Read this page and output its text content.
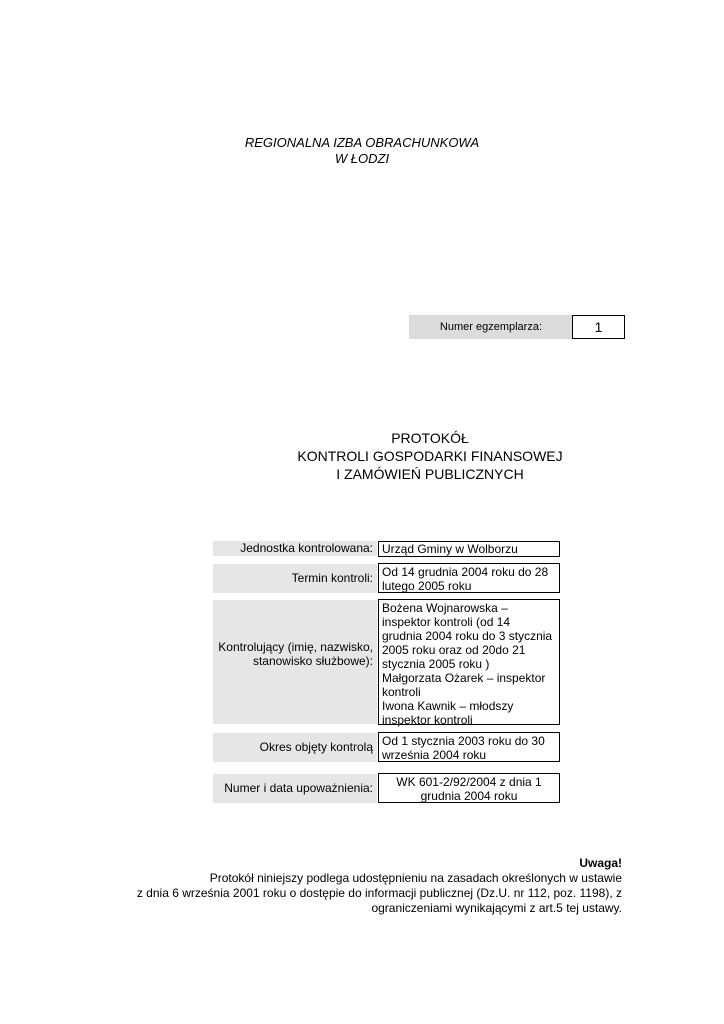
REGIONALNA IZBA OBRACHUNKOWA
W ŁODZI
Numer egzemplarza:	1
PROTOKÓŁ
KONTROLI GOSPODARKI FINANSOWEJ
I ZAMÓWIEŃ PUBLICZNYCH
Jednostka kontrolowana: Urząd Gminy w Wolborzu
Termin kontroli: Od 14 grudnia 2004 roku do 28 lutego 2005 roku
Kontrolujący (imię, nazwisko, stanowisko służbowe):
Bożena Wojnarowska –
inspektor kontroli (od 14
grudnia 2004 roku do 3 stycznia
2005 roku oraz od 20do 21
stycznia 2005 roku )
Małgorzata Ożarek – inspektor
kontroli
Iwona Kawnik – młodszy
inspektor kontroli
Okres objęty kontrolą Od 1 stycznia 2003 roku do 30 września 2004 roku
Numer i data upoważnienia:	WK 601-2/92/2004 z dnia 1 grudnia 2004 roku
Uwaga!
Protokół niniejszy podlega udostępnieniu na zasadach określonych w ustawie
z dnia 6 września 2001 roku o dostępie do informacji publicznej (Dz.U. nr 112, poz. 1198), z
ograniczeniami wynikającymi z art.5 tej ustawy.
